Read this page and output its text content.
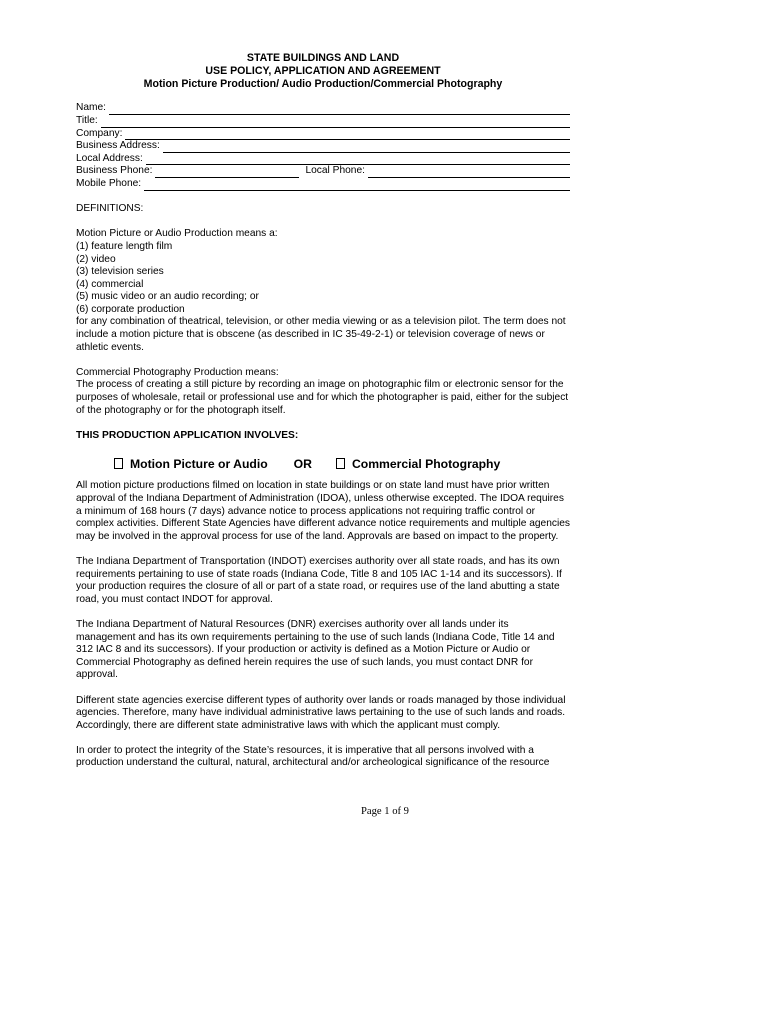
STATE BUILDINGS AND LAND
USE POLICY, APPLICATION AND AGREEMENT
Motion Picture Production/ Audio Production/Commercial Photography
Name:
Title:
Company:
Business Address:
Local Address:
Business Phone:	Local Phone:
Mobile Phone:

DEFINITIONS:

Motion Picture or Audio Production means a:

(1) feature length film

(2) video

(3) television series

(4) commercial

(5) music video or an audio recording; or

(6) corporate production

for any combination of theatrical, television, or other media viewing or as a television pilot. The term does not include a motion picture that is obscene (as described in IC 35-49-2-1) or television coverage of news or athletic events.

Commercial Photography Production means:

The process of creating a still picture by recording an image on photographic film or electronic sensor for the purposes of wholesale, retail or professional use and for which the photographer is paid, either for the subject of the photography or for the photograph itself.

THIS PRODUCTION APPLICATION INVOLVES:

Motion Picture or Audio OR	Commercial Photography

All motion picture productions filmed on location in state buildings or on state land must have prior written approval of the Indiana Department of Administration (IDOA), unless otherwise excepted. The IDOA requires a minimum of 168 hours (7 days) advance notice to process applications not requiring traffic control or complex activities. Different State Agencies have different advance notice requirements and multiple agencies may be involved in the approval process for use of the land. Approvals are based on impact to the property.

The Indiana Department of Transportation (INDOT) exercises authority over all state roads, and has its own requirements pertaining to use of state roads (Indiana Code, Title 8 and 105 IAC 1-14 and its successors). If your production requires the closure of all or part of a state road, or requires use of the land abutting a state road, you must contact INDOT for approval.

The Indiana Department of Natural Resources (DNR) exercises authority over all lands under its management and has its own requirements pertaining to the use of such lands (Indiana Code, Title 14 and 312 IAC 8 and its successors). If your production or activity is defined as a Motion Picture or Audio or Commercial Photography as defined herein requires the use of such lands, you must contact DNR for approval.

Different state agencies exercise different types of authority over lands or roads managed by those individual agencies. Therefore, many have individual administrative laws pertaining to the use of such lands and roads. Accordingly, there are different state administrative laws with which the applicant must comply.

In order to protect the integrity of the State’s resources, it is imperative that all persons involved with a production understand the cultural, natural, architectural and/or archeological significance of the resource

Page 1 of 9
